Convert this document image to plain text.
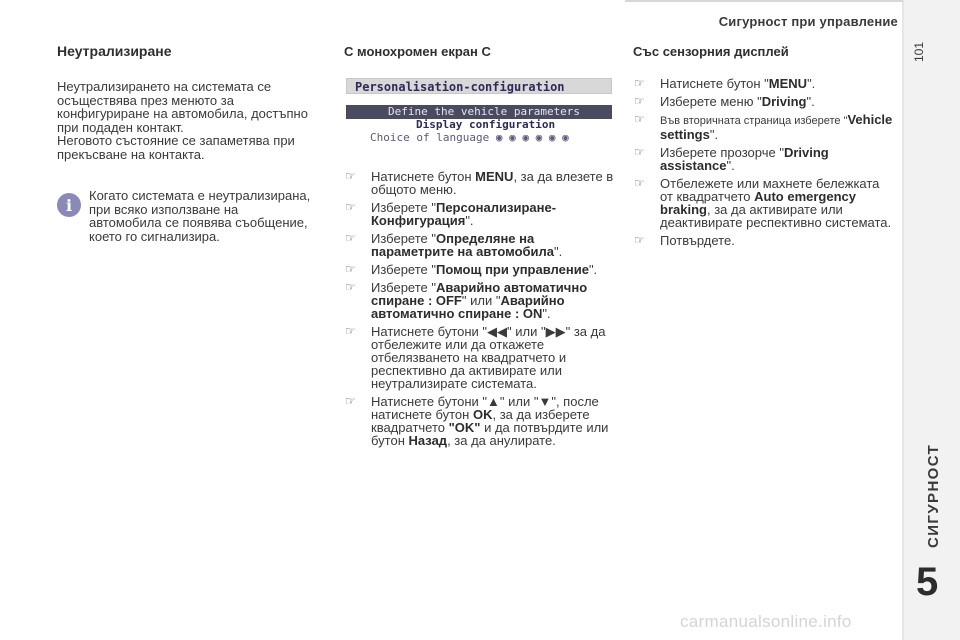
Сигурност при управление
101
СИГУРНОСТ
5
Неутрализиране
Неутрализирането на системата се осъществява през менюто за конфигуриране на автомобила, достъпно при подаден контакт.
Неговото състояние се запаметява при прекъсване на контакта.
i
Когато системата е неутрализирана, при всяко използване на автомобила се появява съобщение, което го сигнализира.
С монохромен екран С
Personalisation-configuration
Define the vehicle parameters
Display configuration
Choice of language ◉ ◉ ◉ ◉ ◉ ◉
☞ Натиснете бутон MENU, за да влезете в общото меню.
☞ Изберете "Персонализиране-Конфигурация".
☞ Изберете "Определяне на параметрите на автомобила".
☞ Изберете "Помощ при управление".
☞ Изберете "Аварийно автоматично спиране : OFF" или "Аварийно автоматично спиране : ON".
☞ Натиснете бутони "◀◀" или "▶▶" за да отбележите или да откажете отбелязването на квадратчето и респективно да активирате или неутрализирате системата.
☞ Натиснете бутони "▲" или "▼", после натиснете бутон OK, за да изберете квадратчето "OK" и да потвърдите или бутон Назад, за да анулирате.
Със сензорния дисплей
☞ Натиснете бутон "MENU".
☞ Изберете меню "Driving".
☞ Във вторичната страница изберете "Vehicle settings".
☞ Изберете прозорче "Driving assistance".
☞ Отбележете или махнете бележката от квадратчето Auto emergency braking, за да активирате или деактивирате респективно системата.
☞ Потвърдете.
carmanualsonline.info
